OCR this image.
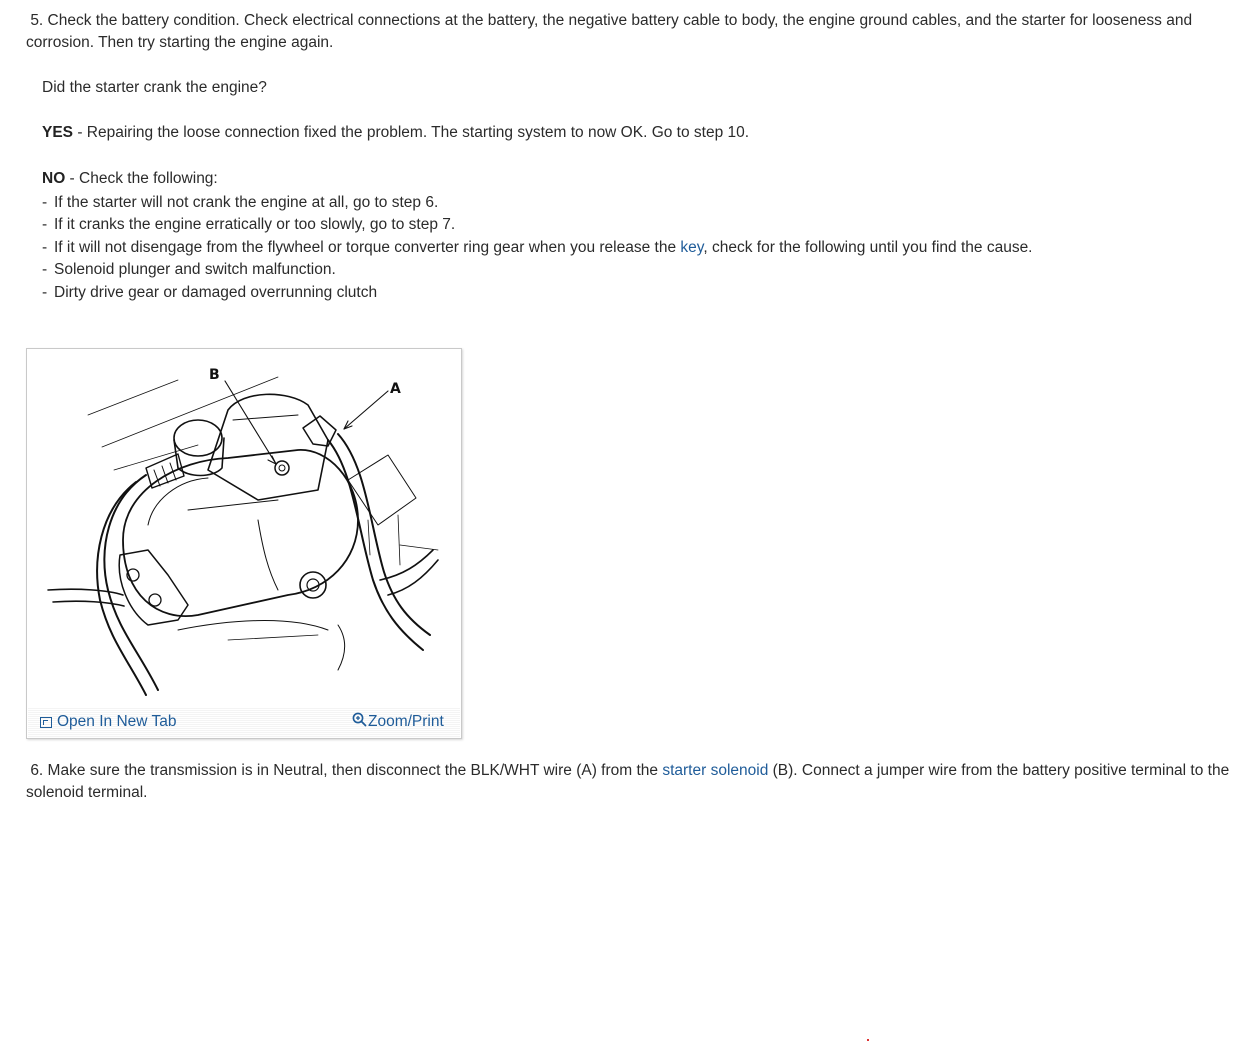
5. Check the battery condition. Check electrical connections at the battery, the negative battery cable to body, the engine ground cables, and the starter for looseness and corrosion. Then try starting the engine again.

Did the starter crank the engine?

YES - Repairing the loose connection fixed the problem. The starting system to now OK. Go to step 10.

NO - Check the following:

- If the starter will not crank the engine at all, go to step 6.
- If it cranks the engine erratically or too slowly, go to step 7.
- If it will not disengage from the flywheel or torque converter ring gear when you release the key, check for the following until you find the cause.
- Solenoid plunger and switch malfunction.
- Dirty drive gear or damaged overrunning clutch
B
A
Open In New Tab	Zoom/Print

6. Make sure the transmission is in Neutral, then disconnect the BLK/WHT wire (A) from the starter solenoid (B). Connect a jumper wire from the battery positive terminal to the solenoid terminal.
